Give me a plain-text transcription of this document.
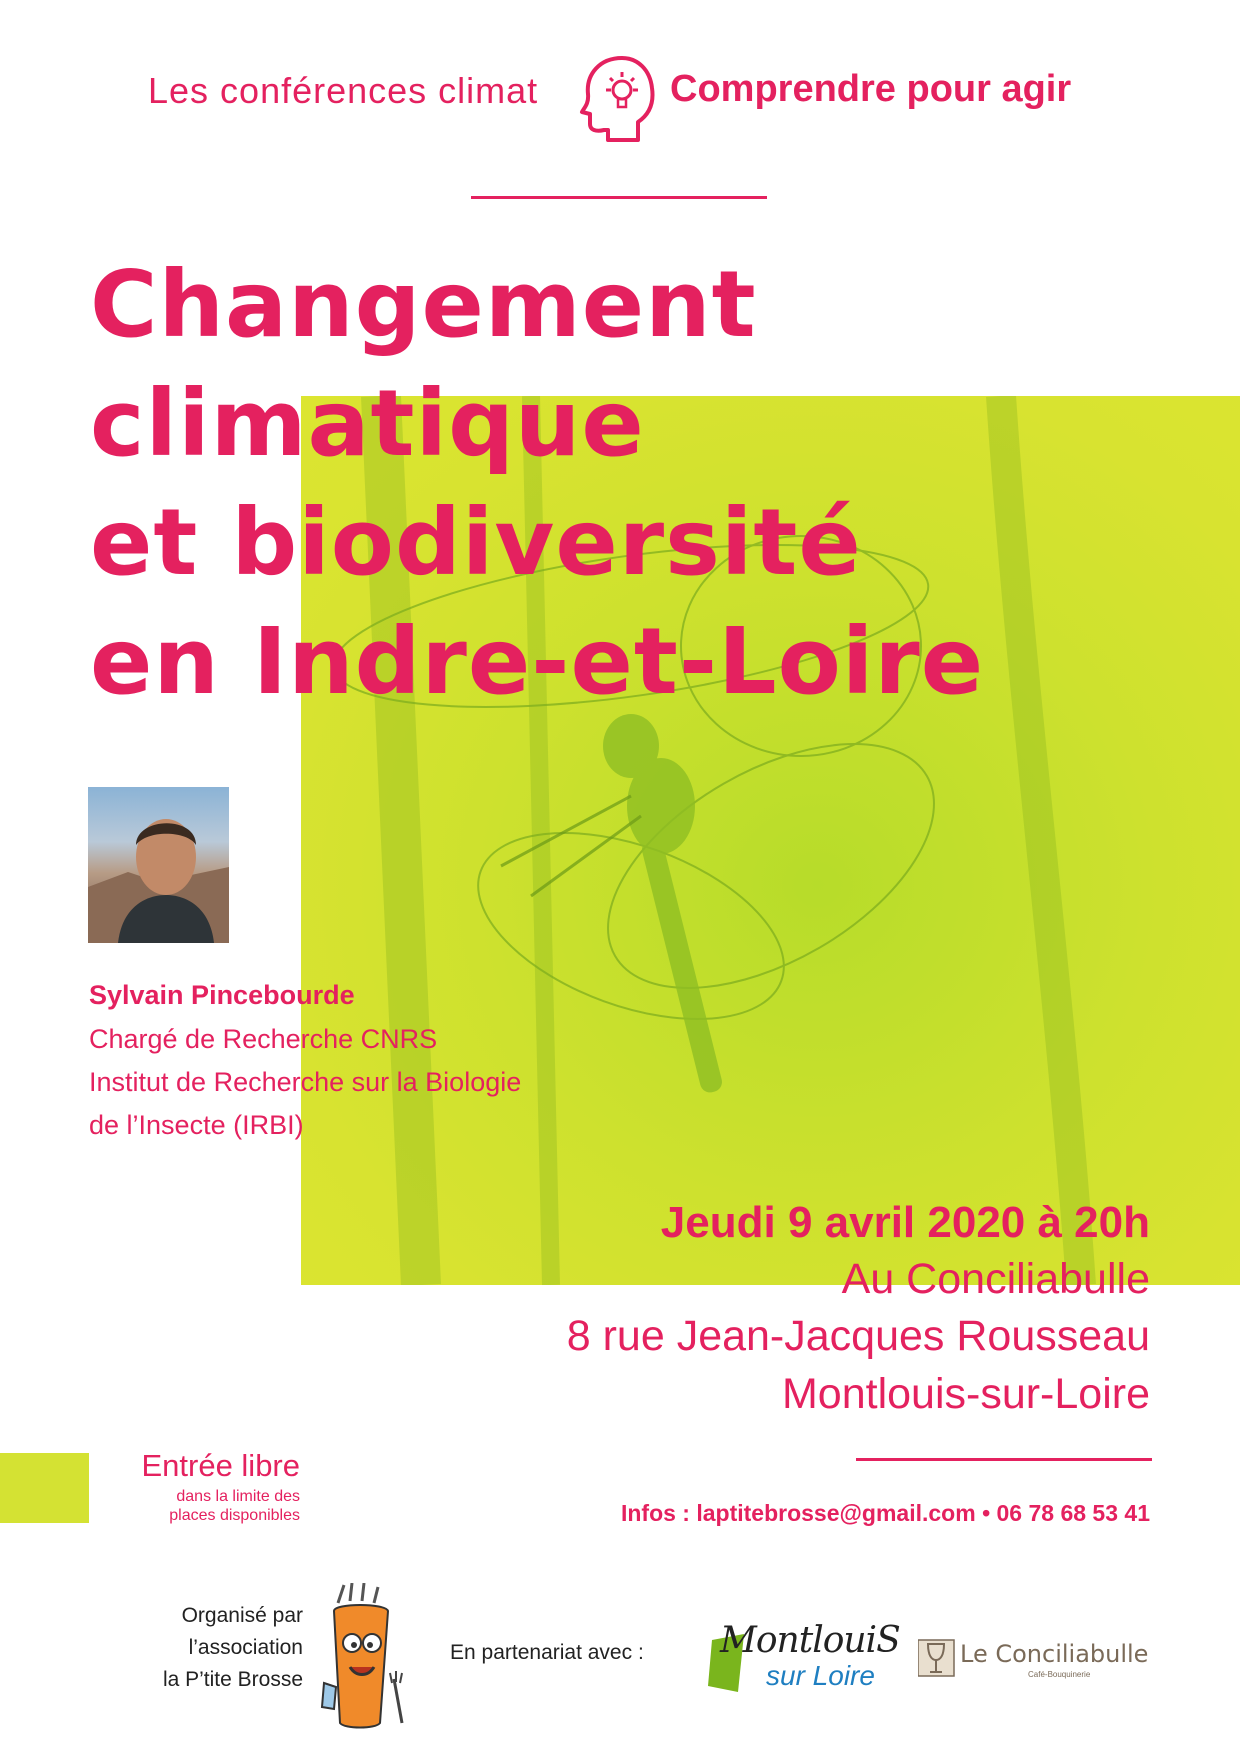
Les conférences climat	Comprendre pour agir
Changement
climatique
et biodiversité
en Indre-et-Loire
Sylvain Pincebourde
Chargé de Recherche CNRS
Institut de Recherche sur la Biologie
de l’Insecte (IRBI)
Jeudi 9 avril 2020 à 20h
Au Conciliabulle
8 rue Jean-Jacques Rousseau
Montlouis-sur-Loire
Entrée libre
dans la limite des
places disponibles	Infos : laptitebrosse@gmail.com • 06 78 68 53 41
Organisé par
l’association
la P’tite Brosse
En partenariat avec : MontlouiS
sur Loire
Le Conciliabulle
Café-Bouquinerie
